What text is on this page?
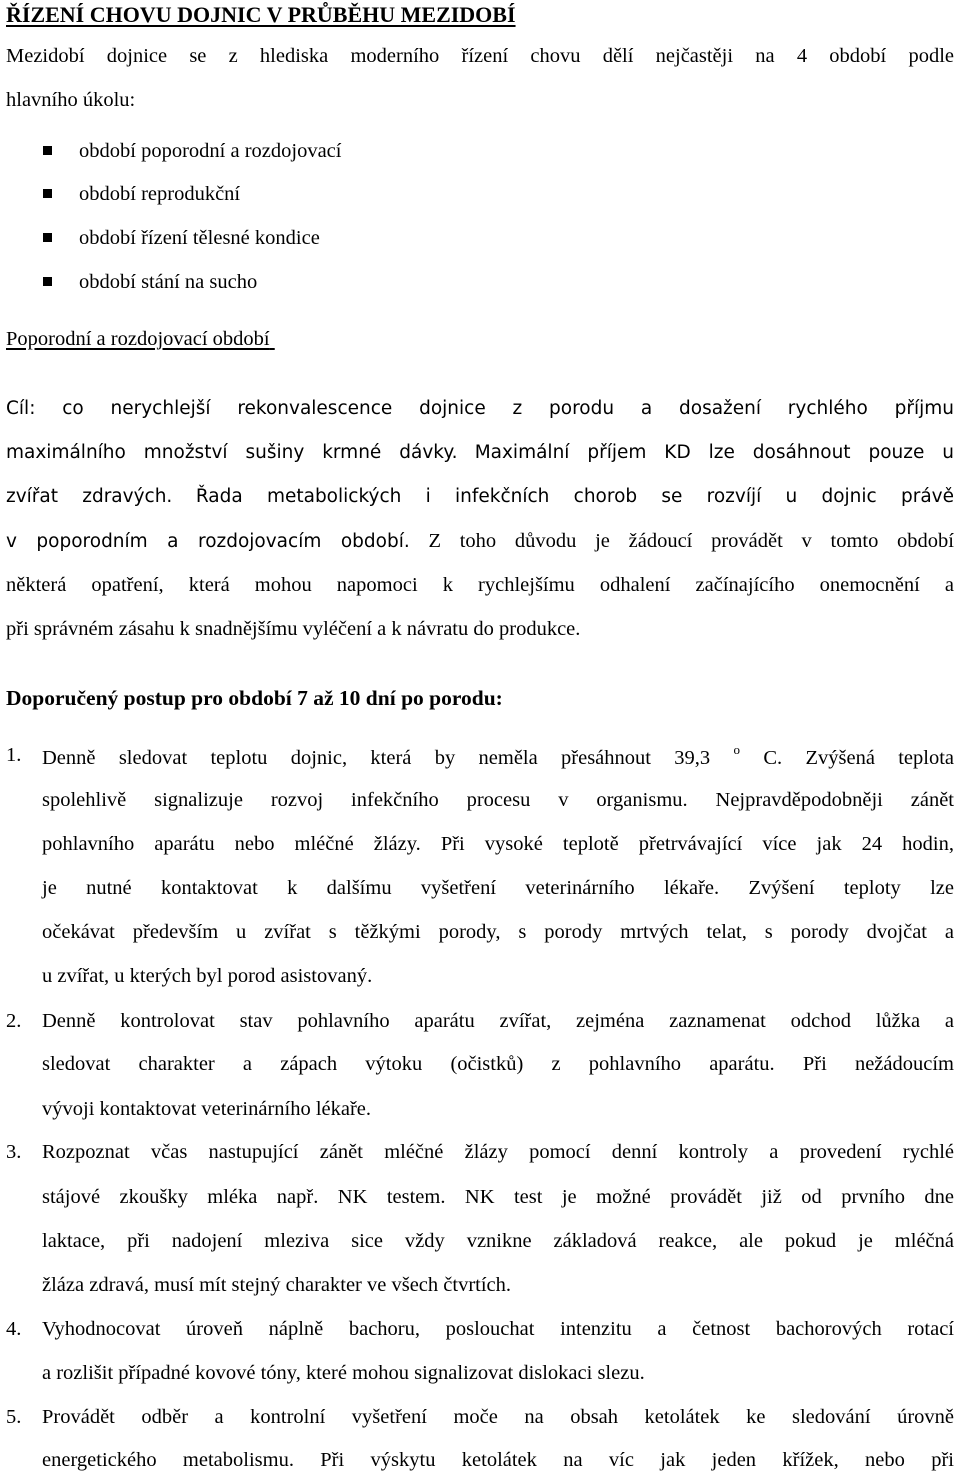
ŘÍZENÍ CHOVU DOJNIC V PRŮBĚHU MEZIDOBÍ
Mezidobí dojnice se z hlediska moderního řízení chovu dělí nejčastěji na 4 období podle
hlavního úkolu:
období poporodní a rozdojovací
období reprodukční
období řízení tělesné kondice
období stání na sucho
Poporodní a rozdojovací období
Cíl: co nerychlejší rekonvalescence dojnice z porodu a dosažení rychlého příjmu
maximálního množství sušiny krmné dávky. Maximální příjem KD lze dosáhnout pouze u
zvířat zdravých. Řada metabolických i infekčních chorob se rozvíjí u dojnic právě
v poporodním a rozdojovacím období. Z toho důvodu je žádoucí provádět v tomto období
některá opatření, která mohou napomoci k rychlejšímu odhalení začínajícího onemocnění a
při správném zásahu k snadnějšímu vyléčení a k návratu do produkce.
Doporučený postup pro období 7 až 10 dní po porodu:
1. Denně sledovat teplotu dojnic, která by neměla přesáhnout 39,3 $^o$ C. Zvýšená teplota
spolehlivě signalizuje rozvoj infekčního procesu v organismu. Nejpravděpodobněji zánět
pohlavního aparátu nebo mléčné žlázy. Při vysoké teplotě přetrvávající více jak 24 hodin,
je nutné kontaktovat k dalšímu vyšetření veterinárního lékaře. Zvýšení teploty lze
očekávat především u zvířat s těžkými porody, s porody mrtvých telat, s porody dvojčat a
u zvířat, u kterých byl porod asistovaný.
2. Denně kontrolovat stav pohlavního aparátu zvířat, zejména zaznamenat odchod lůžka a
sledovat charakter a zápach výtoku (očistků) z pohlavního aparátu. Při nežádoucím
vývoji kontaktovat veterinárního lékaře.
3. Rozpoznat včas nastupující zánět mléčné žlázy pomocí denní kontroly a provedení rychlé
stájové zkoušky mléka např. NK testem. NK test je možné provádět již od prvního dne
laktace, při nadojení mleziva sice vždy vznikne základová reakce, ale pokud je mléčná
žláza zdravá, musí mít stejný charakter ve všech čtvrtích.
4. Vyhodnocovat úroveň náplně bachoru, poslouchat intenzitu a četnost bachorových rotací
a rozlišit případné kovové tóny, které mohou signalizovat dislokaci slezu.
5. Provádět odběr a kontrolní vyšetření moče na obsah ketolátek ke sledování úrovně
energetického metabolismu. Při výskytu ketolátek na víc jak jeden křížek, nebo při
